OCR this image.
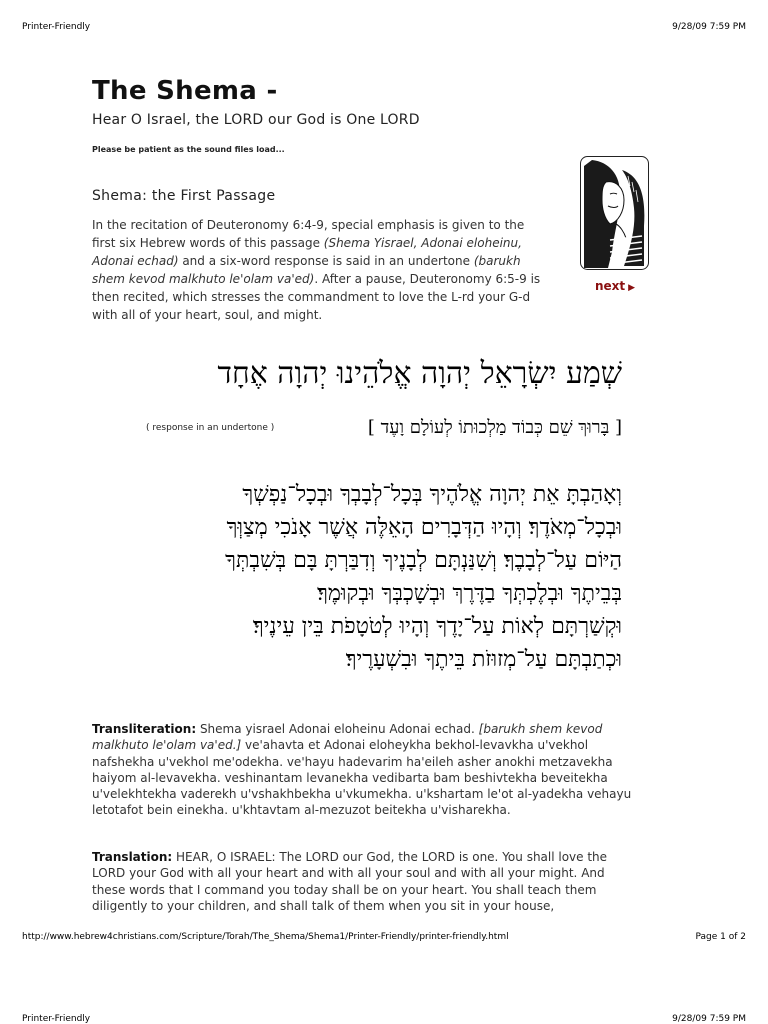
Printer-Friendly	9/28/09 7:59 PM
The Shema -
Hear O Israel, the LORD our God is One LORD
Please be patient as the sound files load...
Shema: the First Passage
In the recitation of Deuteronomy 6:4-9, special emphasis is given to the first six Hebrew words of this passage (Shema Yisrael, Adonai eloheinu, Adonai echad) and a six-word response is said in an undertone (barukh shem kevod malkhuto le'olam va'ed). After a pause, Deuteronomy 6:5-9 is then recited, which stresses the commandment to love the L-rd your G-d with all of your heart, soul, and might.
next ▶
שְׁמַע יִשְׂרָאֵל יְהוָה אֱלֹהֵינוּ יְהוָה אֶחָד
( response in an undertone )	[ בָּרוּךְ שֵׁם כְּבוֹד מַלְכוּתוֹ לְעוֹלָם וָעֶד ]
וְאָהַבְתָּ אֵת יְהוָה אֱלֹהֶיךָ בְּכָל־לְבָבְךָ וּבְכָל־נַפְשְׁךָ
וּבְכָל־מְאֹדֶךָ׃ וְהָיוּ הַדְּבָרִים הָאֵלֶּה אֲשֶׁר אָנֹכִי מְצַוְּךָ
הַיּוֹם עַל־לְבָבֶךָ׃ וְשִׁנַּנְתָּם לְבָנֶיךָ וְדִבַּרְתָּ בָּם בְּשִׁבְתְּךָ
בְּבֵיתֶךָ וּבְלֶכְתְּךָ בַדֶּרֶךְ וּבְשָׁכְבְּךָ וּבְקוּמֶךָ׃
וּקְשַׁרְתָּם לְאוֹת עַל־יָדֶךָ וְהָיוּ לְטֹטָפֹת בֵּין עֵינֶיךָ׃
וּכְתַבְתָּם עַל־מְזוּזֹת בֵּיתֶךָ וּבִשְׁעָרֶיךָ׃
Transliteration: Shema yisrael Adonai eloheinu Adonai echad. [barukh shem kevod malkhuto le'olam va'ed.] ve'ahavta et Adonai eloheykha bekhol-levavkha u'vekhol nafshekha u'vekhol me'odekha. ve'hayu hadevarim ha'eileh asher anokhi metzavekha haiyom al-levavekha. veshinantam levanekha vedibarta bam beshivtekha beveitekha u'velekhtekha vaderekh u'vshakhbekha u'vkumekha. u'kshartam le'ot al-yadekha vehayu letotafot bein einekha. u'khtavtam al-mezuzot beitekha u'visharekha.
Translation: HEAR, O ISRAEL: The LORD our God, the LORD is one. You shall love the LORD your God with all your heart and with all your soul and with all your might. And these words that I command you today shall be on your heart. You shall teach them diligently to your children, and shall talk of them when you sit in your house,
http://www.hebrew4christians.com/Scripture/Torah/The_Shema/Shema1/Printer-Friendly/printer-friendly.html	Page 1 of 2
Printer-Friendly	9/28/09 7:59 PM
